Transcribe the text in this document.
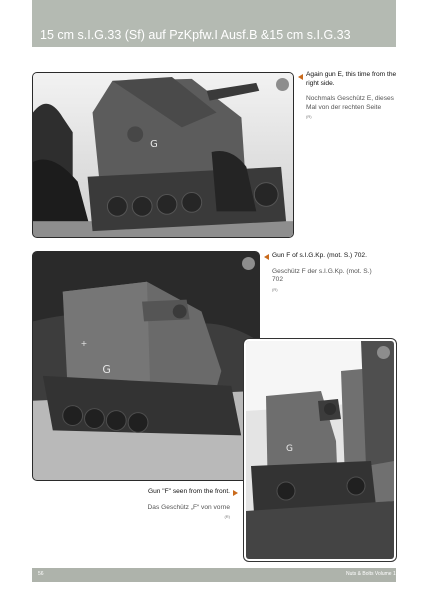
15 cm s.I.G.33 (Sf) auf PzKpfw.I Ausf.B &15 cm s.I.G.33
G
+
G
G
Again gun E, this time from the right side.
Nochmals Geschütz E, dieses Mal von der rechten Seite
(R)
Gun F of s.I.G.Kp. (mot. S.) 702.
Geschütz F der s.I.G.Kp. (mot. S.) 702
(R)
Gun "F" seen from the front.
Das Geschütz „F“ von vorne
(R)
56	Nuts & Bolts Volume 19
